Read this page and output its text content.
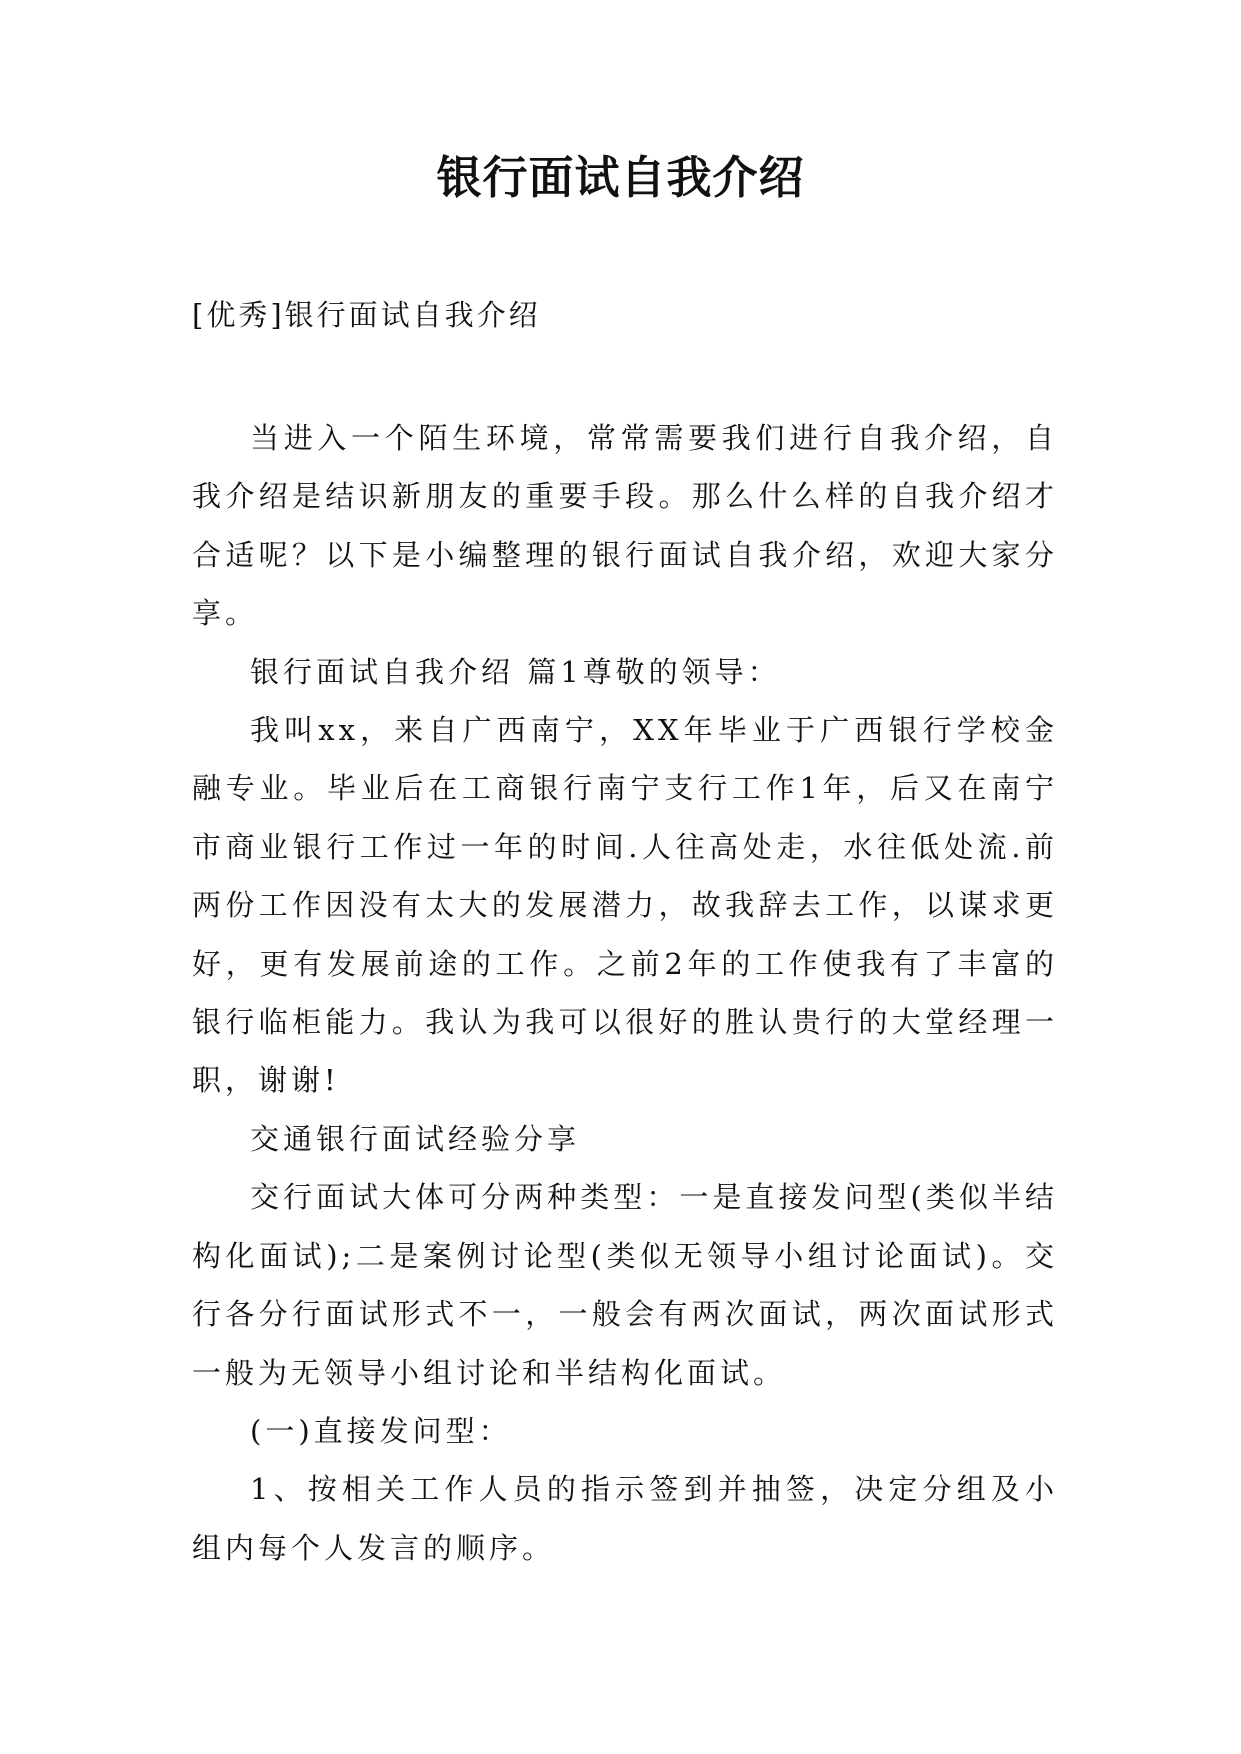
银行面试自我介绍

[优秀]银行面试自我介绍

当进入一个陌生环境，常常需要我们进行自我介绍，自我介绍是结识新朋友的重要手段。那么什么样的自我介绍才合适呢？以下是小编整理的银行面试自我介绍，欢迎大家分享。

银行面试自我介绍 篇1尊敬的领导：

我叫xx，来自广西南宁，XX年毕业于广西银行学校金融专业。毕业后在工商银行南宁支行工作1年，后又在南宁市商业银行工作过一年的时间.人往高处走，水往低处流.前两份工作因没有太大的发展潜力，故我辞去工作，以谋求更好，更有发展前途的工作。之前2年的工作使我有了丰富的银行临柜能力。我认为我可以很好的胜认贵行的大堂经理一职，谢谢!

交通银行面试经验分享

交行面试大体可分两种类型：一是直接发问型(类似半结构化面试);二是案例讨论型(类似无领导小组讨论面试)。交行各分行面试形式不一，一般会有两次面试，两次面试形式一般为无领导小组讨论和半结构化面试。

(一)直接发问型：

1、按相关工作人员的指示签到并抽签，决定分组及小组内每个人发言的顺序。
